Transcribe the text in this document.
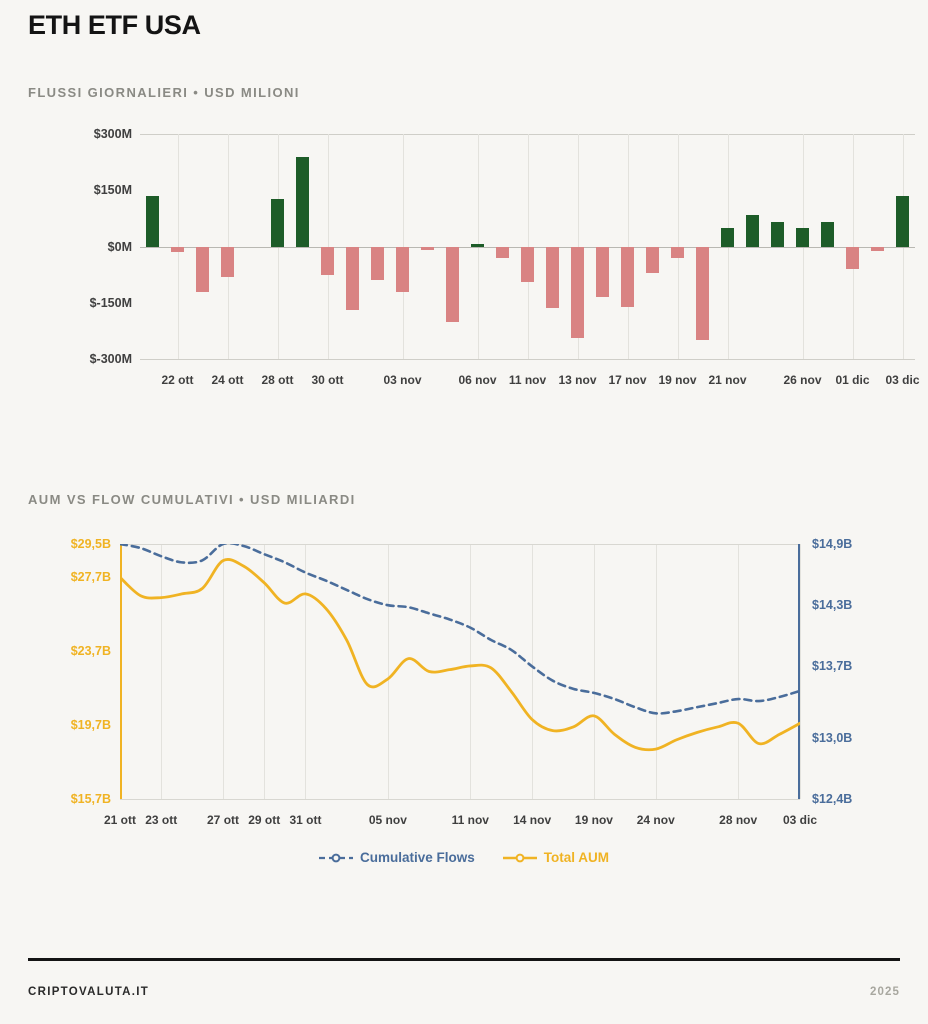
ETH ETF USA
FLUSSI GIORNALIERI • USD MILIONI
$-300M
$-150M
$0M
$150M
$300M
22 ott 24 ott 28 ott 30 ott	03 nov	06 nov 11 nov 13 nov 17 nov 19 nov 21 nov	26 nov 01 dic 03 dic
AUM VS FLOW CUMULATIVI • USD MILIARDI
Cumulative Flows	Total AUM
$15,7B
$19,7B
$23,7B
$27,7B
$29,5B
$12,4B
$13,0B
$13,7B
$14,3B
$14,9B
21 ott 23 ott 27 ott 29 ott 31 ott	05 nov	11 nov 14 nov 19 nov 24 nov	28 nov 03 dic
CRIPTOVALUTA.IT	2025
